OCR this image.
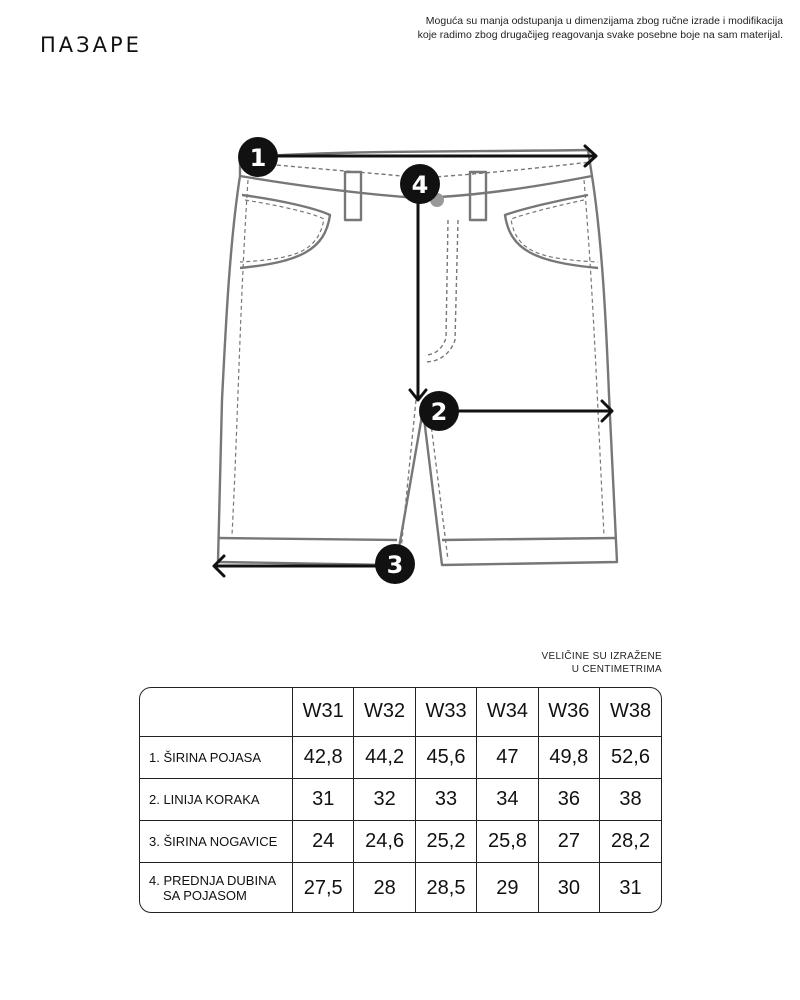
ПАЗАРЕ
Moguća su manja odstupanja u dimenzijama zbog ručne izrade i modifikacija
koje radimo zbog drugačijeg reagovanja svake posebne boje na sam materijal.
1
4
2
3
VELIČINE SU IZRAŽENE
U CENTIMETRIMA
	W31	W32	W33	W34	W36	W38
1. ŠIRINA POJASA	42,8	44,2	45,6	47	49,8	52,6
2. LINIJA KORAKA	31	32	33	34	36	38
3. ŠIRINA NOGAVICE	24	24,6	25,2	25,8	27	28,2

4. PREDNJA DUBINA
SA POJASOM	27,5	28	28,5	29	30	31
